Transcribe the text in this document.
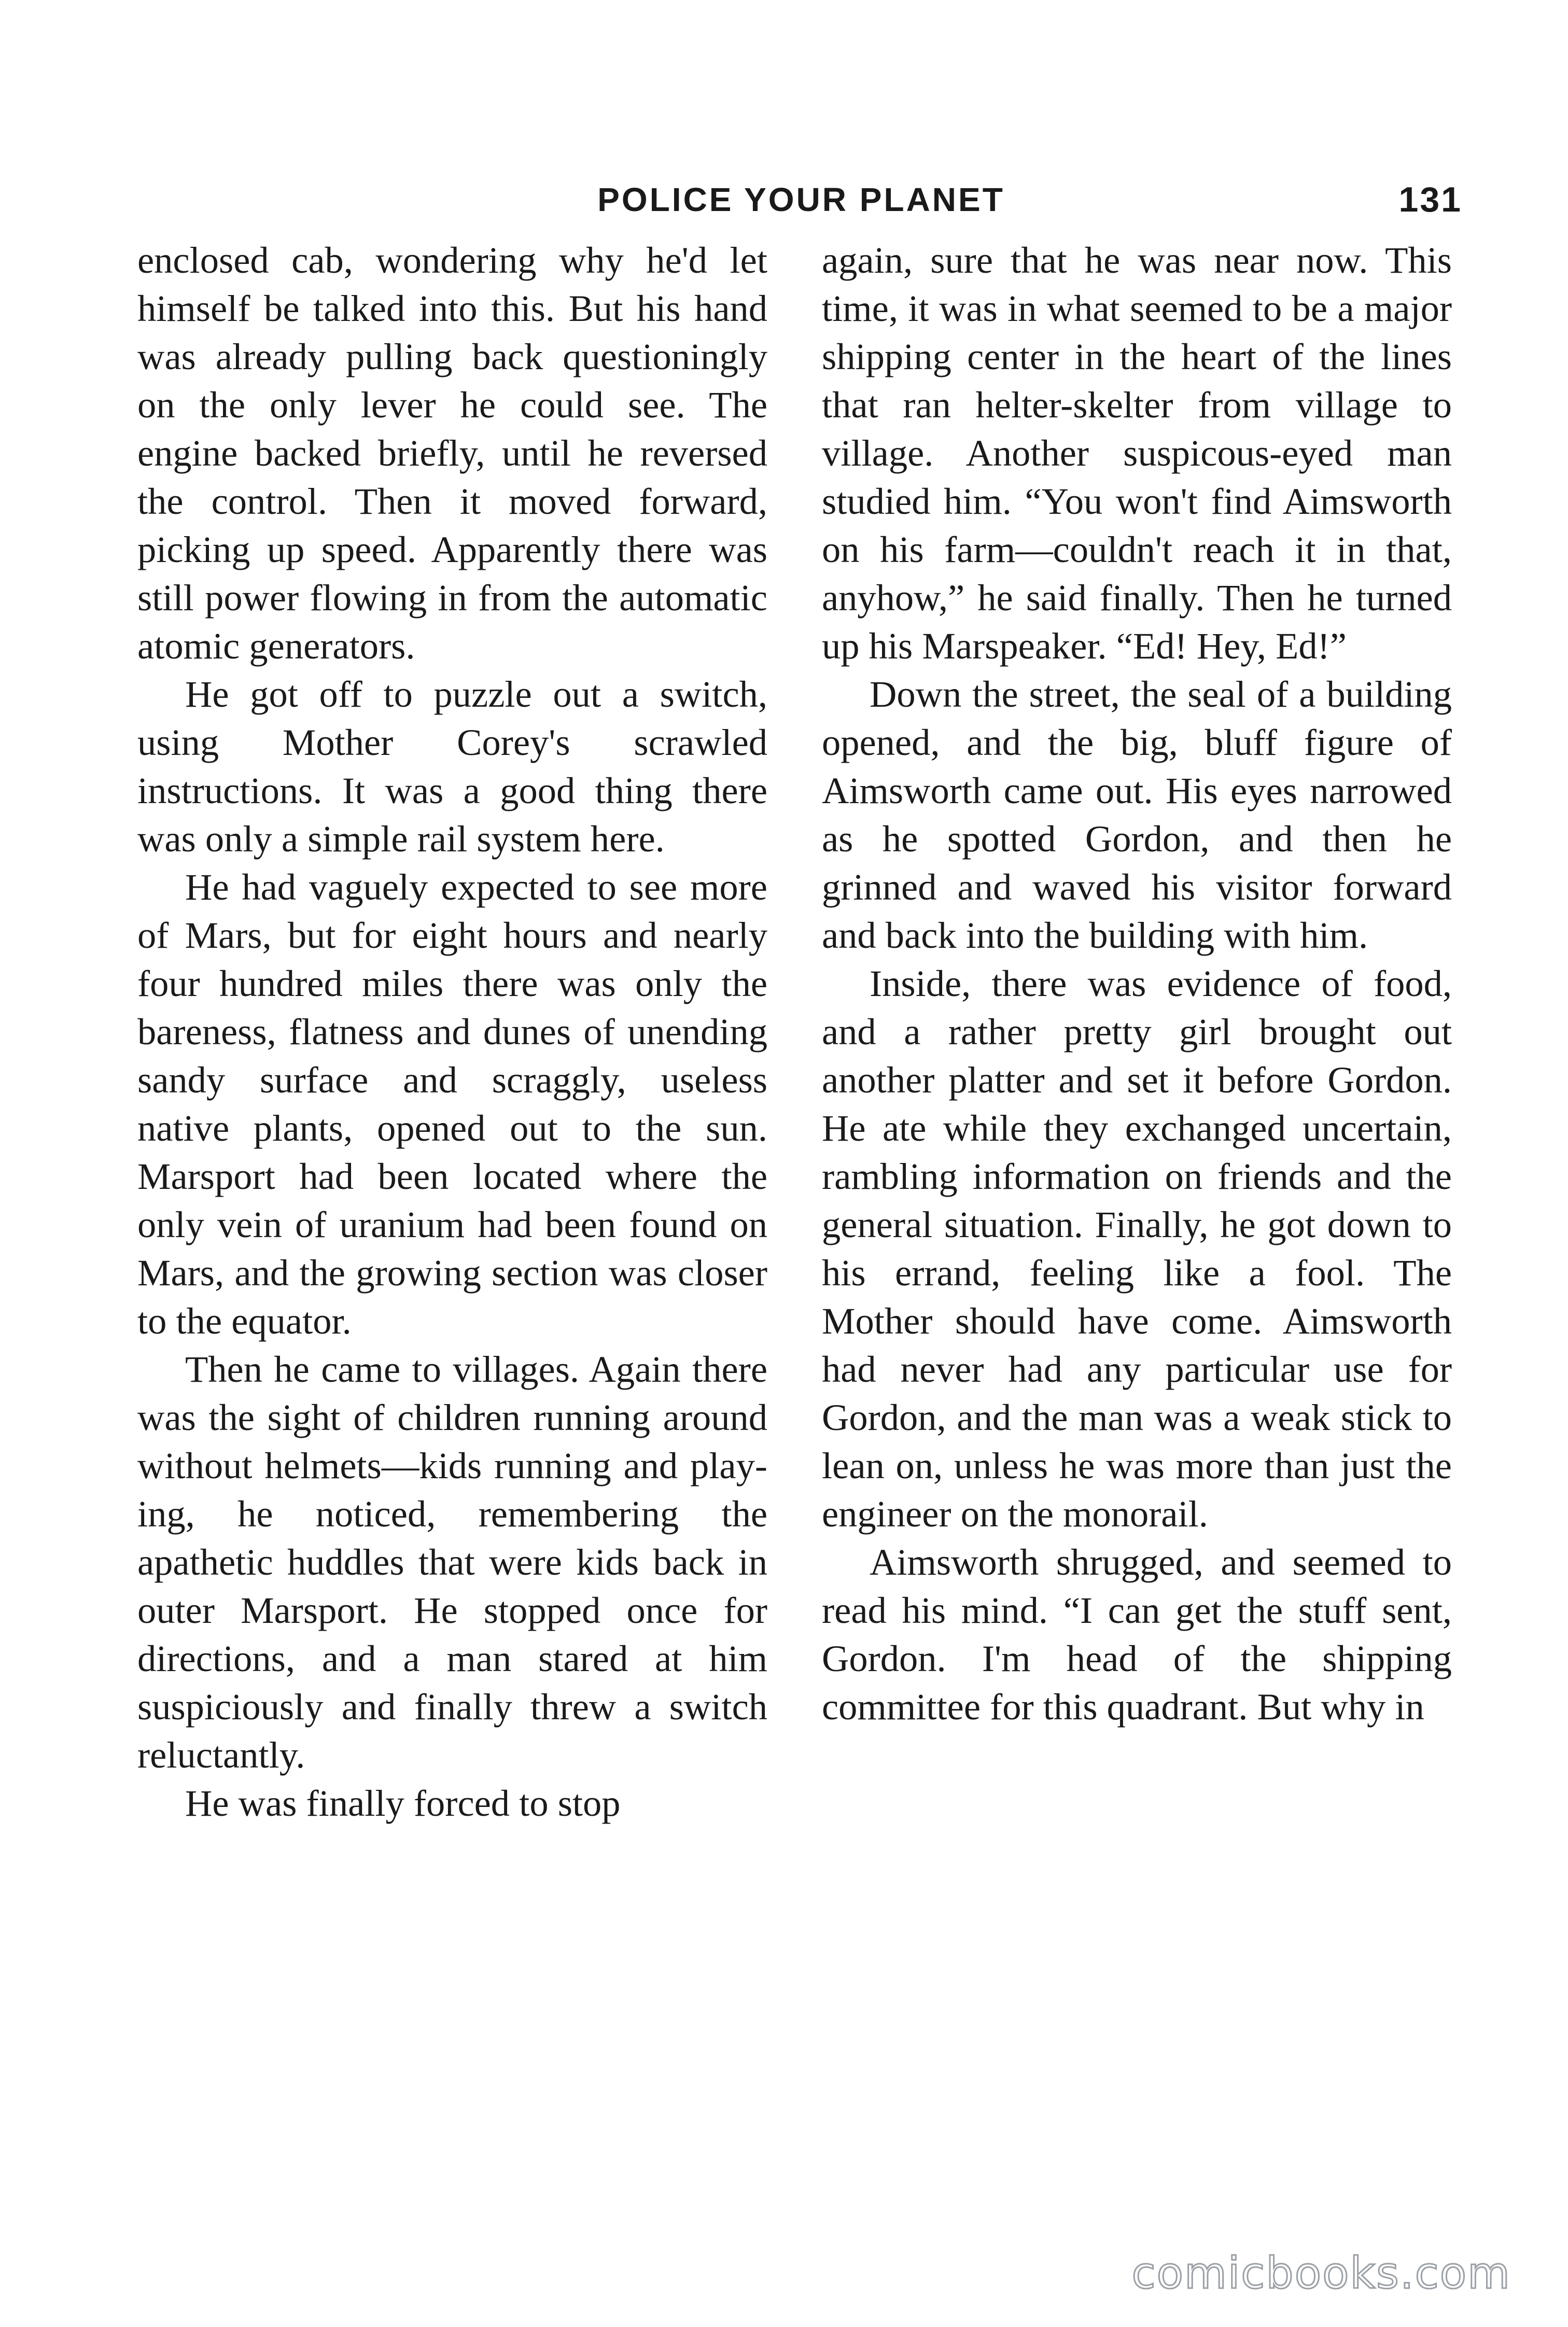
POLICE YOUR PLANET	131

enclosed cab, wondering why he'd let himself be talked into this. But his hand was already pulling back questioningly on the only lever he could see. The engine backed briefly, until he reversed the control. Then it moved forward, picking up speed. Apparently there was still power flowing in from the automatic atomic generators.

He got off to puzzle out a switch, using Mother Corey's scrawled instructions. It was a good thing there was only a simple rail system here.

He had vaguely expected to see more of Mars, but for eight hours and nearly four hundred miles there was only the bareness, flatness and dunes of unending sandy surface and scraggly, useless native plants, opened out to the sun. Marsport had been located where the only vein of uranium had been found on Mars, and the growing section was closer to the equator.

Then he came to villages. Again there was the sight of children running around without helmets—kids running and playing, he noticed, remembering the apathetic huddles that were kids back in outer Marsport. He stopped once for directions, and a man stared at him suspiciously and finally threw a switch reluctantly.

He was finally forced to stop

again, sure that he was near now. This time, it was in what seemed to be a major shipping center in the heart of the lines that ran helter-skelter from village to village. Another suspicous-eyed man studied him. “You won't find Aimsworth on his farm—couldn't reach it in that, anyhow,” he said finally. Then he turned up his Marspeaker. “Ed! Hey, Ed!”

Down the street, the seal of a building opened, and the big, bluff figure of Aimsworth came out. His eyes narrowed as he spotted Gordon, and then he grinned and waved his visitor forward and back into the building with him.

Inside, there was evidence of food, and a rather pretty girl brought out another platter and set it before Gordon. He ate while they exchanged uncertain, rambling information on friends and the general situation. Finally, he got down to his errand, feeling like a fool. The Mother should have come. Aimsworth had never had any particular use for Gordon, and the man was a weak stick to lean on, unless he was more than just the engineer on the monorail.

Aimsworth shrugged, and seemed to read his mind. “I can get the stuff sent, Gordon. I'm head of the shipping committee for this quadrant. But why in

comicbooks.com
